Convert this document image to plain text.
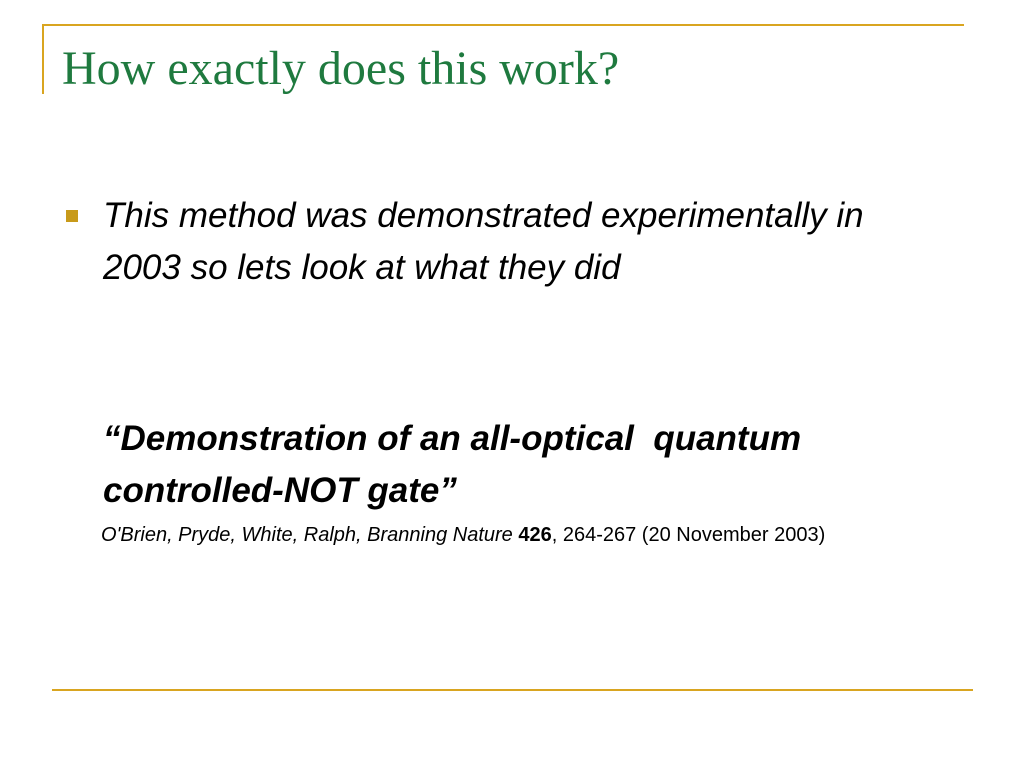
How exactly does this work?
This method was demonstrated experimentally in 2003 so lets look at what they did
“Demonstration of an all-optical  quantum
controlled-NOT gate”
O'Brien, Pryde, White, Ralph, Branning Nature 426, 264-267 (20 November 2003)
